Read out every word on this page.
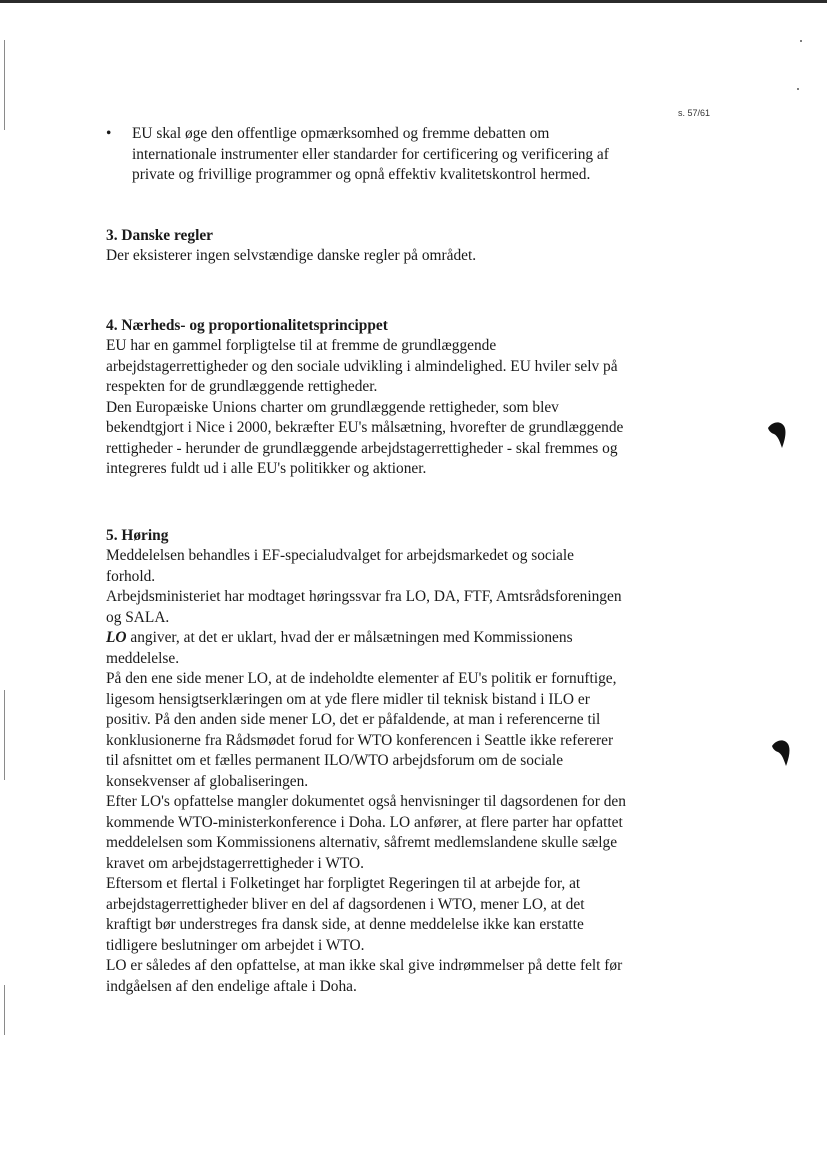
s. 57/61

• EU skal øge den offentlige opmærksomhed og fremme debatten om internationale instrumenter eller standarder for certificering og verificering af private og frivillige programmer og opnå effektiv kvalitetskontrol hermed.

3. Danske regler

Der eksisterer ingen selvstændige danske regler på området.

4. Nærheds- og proportionalitetsprincippet

EU har en gammel forpligtelse til at fremme de grundlæggende arbejdstagerrettigheder og den sociale udvikling i almindelighed. EU hviler selv på respekten for de grundlæggende rettigheder.

Den Europæiske Unions charter om grundlæggende rettigheder, som blev bekendtgjort i Nice i 2000, bekræfter EU's målsætning, hvorefter de grundlæggende rettigheder - herunder de grundlæggende arbejdstagerrettigheder - skal fremmes og integreres fuldt ud i alle EU's politikker og aktioner.

5. Høring

Meddelelsen behandles i EF-specialudvalget for arbejdsmarkedet og sociale forhold.

Arbejdsministeriet har modtaget høringssvar fra LO, DA, FTF, Amtsrådsforeningen og SALA.

LO angiver, at det er uklart, hvad der er målsætningen med Kommissionens meddelelse.

På den ene side mener LO, at de indeholdte elementer af EU's politik er fornuftige, ligesom hensigtserklæringen om at yde flere midler til teknisk bistand i ILO er positiv. På den anden side mener LO, det er påfaldende, at man i referencerne til konklusionerne fra Rådsmødet forud for WTO konferencen i Seattle ikke refererer til afsnittet om et fælles permanent ILO/WTO arbejdsforum om de sociale konsekvenser af globaliseringen.

Efter LO's opfattelse mangler dokumentet også henvisninger til dagsordenen for den kommende WTO-ministerkonference i Doha. LO anfører, at flere parter har opfattet meddelelsen som Kommissionens alternativ, såfremt medlemslandene skulle sælge kravet om arbejdstagerrettigheder i WTO.

Eftersom et flertal i Folketinget har forpligtet Regeringen til at arbejde for, at arbejdstagerrettigheder bliver en del af dagsordenen i WTO, mener LO, at det kraftigt bør understreges fra dansk side, at denne meddelelse ikke kan erstatte tidligere beslutninger om arbejdet i WTO.

LO er således af den opfattelse, at man ikke skal give indrømmelser på dette felt før indgåelsen af den endelige aftale i Doha.
